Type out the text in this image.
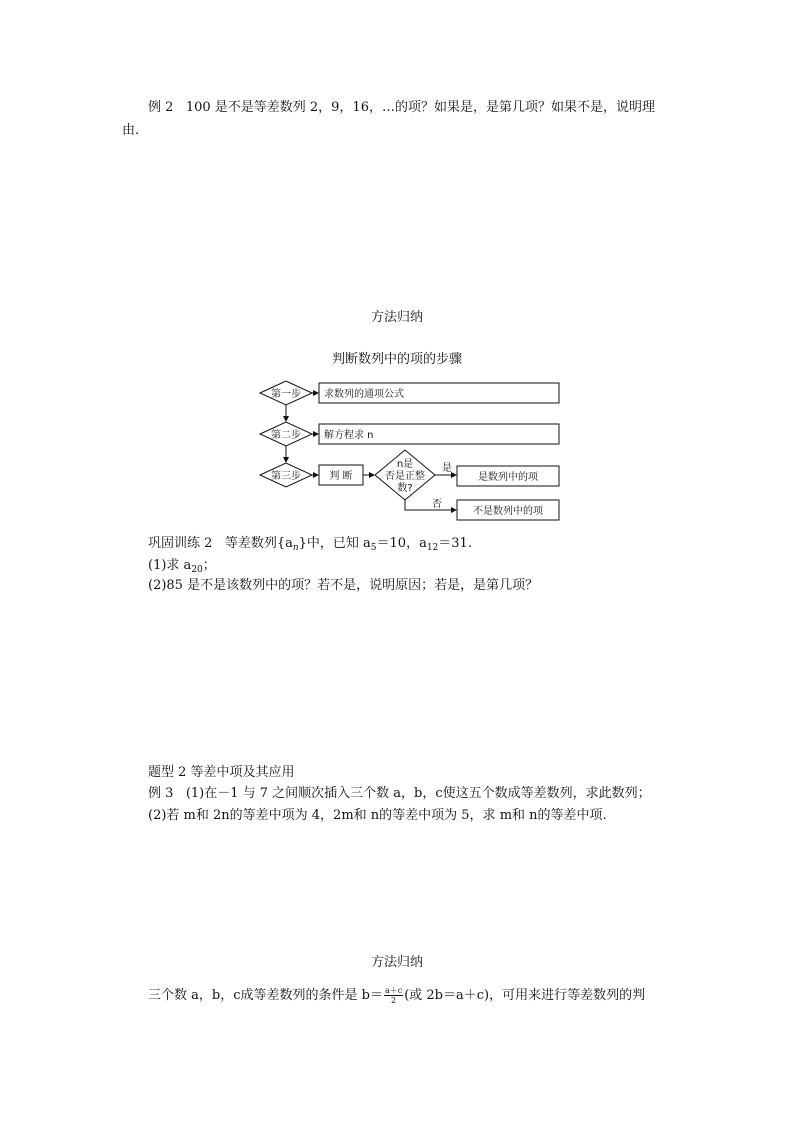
例 2 100 是不是等差数列 2，9，16，…的项？如果是，是第几项？如果不是，说明理
由.
方法归纳
判断数列中的项的步骤
第一步 求数列的通项公式
第二步 解方程求 n
第三步	判 断
n是
否是正整
数?
是
是数列中的项
否
不是数列中的项
巩固训练 2 等差数列$\{a_n\}$中，已知 $a_5=10$，$a_{12}=31$.
(1)求 $a_{20}$；
(2)85 是不是该数列中的项？若不是，说明原因；若是，是第几项？
题型 2 等差中项及其应用
例 3 (1)在－1 与 7 之间顺次插入三个数 a，b，c使这五个数成等差数列，求此数列；
(2)若 m和 2n的等差中项为 4，2m和 n的等差中项为 5，求 m和 n的等差中项.
方法归纳
三个数 a，b，c成等差数列的条件是 $b= \frac{a+c}{2}$ (或 2b＝a＋c)，可用来进行等差数列的判
